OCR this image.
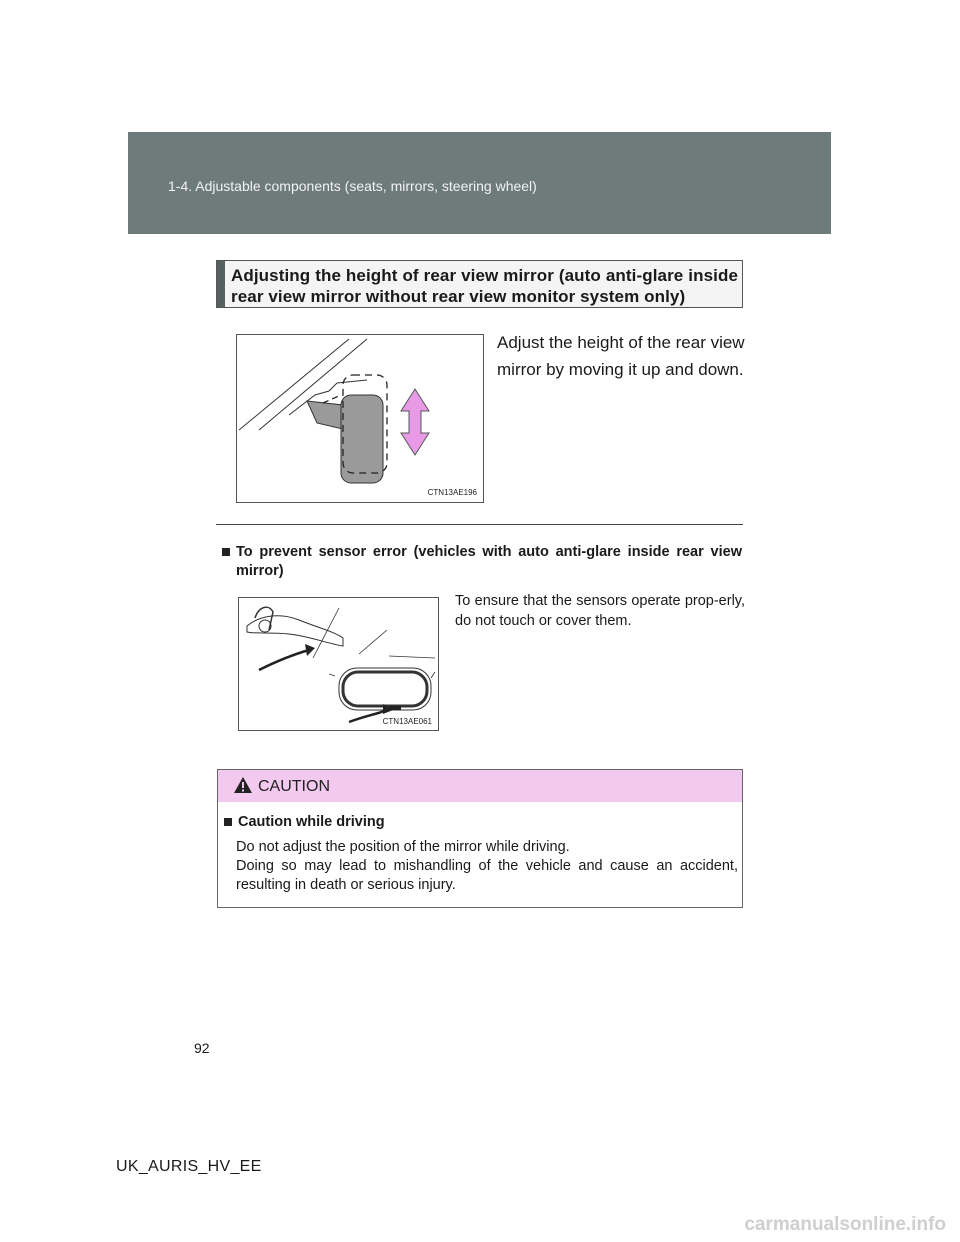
1-4. Adjustable components (seats, mirrors, steering wheel)
Adjusting the height of rear view mirror (auto anti-glare inside rear view mirror without rear view monitor system only)
CTN13AE196
Adjust the height of the rear view mirror by moving it up and down.
To prevent sensor error (vehicles with auto anti-glare inside rear view mirror)
CTN13AE061
To ensure that the sensors operate prop-erly, do not touch or cover them.
CAUTION
Caution while driving
Do not adjust the position of the mirror while driving.
Doing so may lead to mishandling of the vehicle and cause an accident, resulting in death or serious injury.
92
UK_AURIS_HV_EE
carmanualsonline.info
